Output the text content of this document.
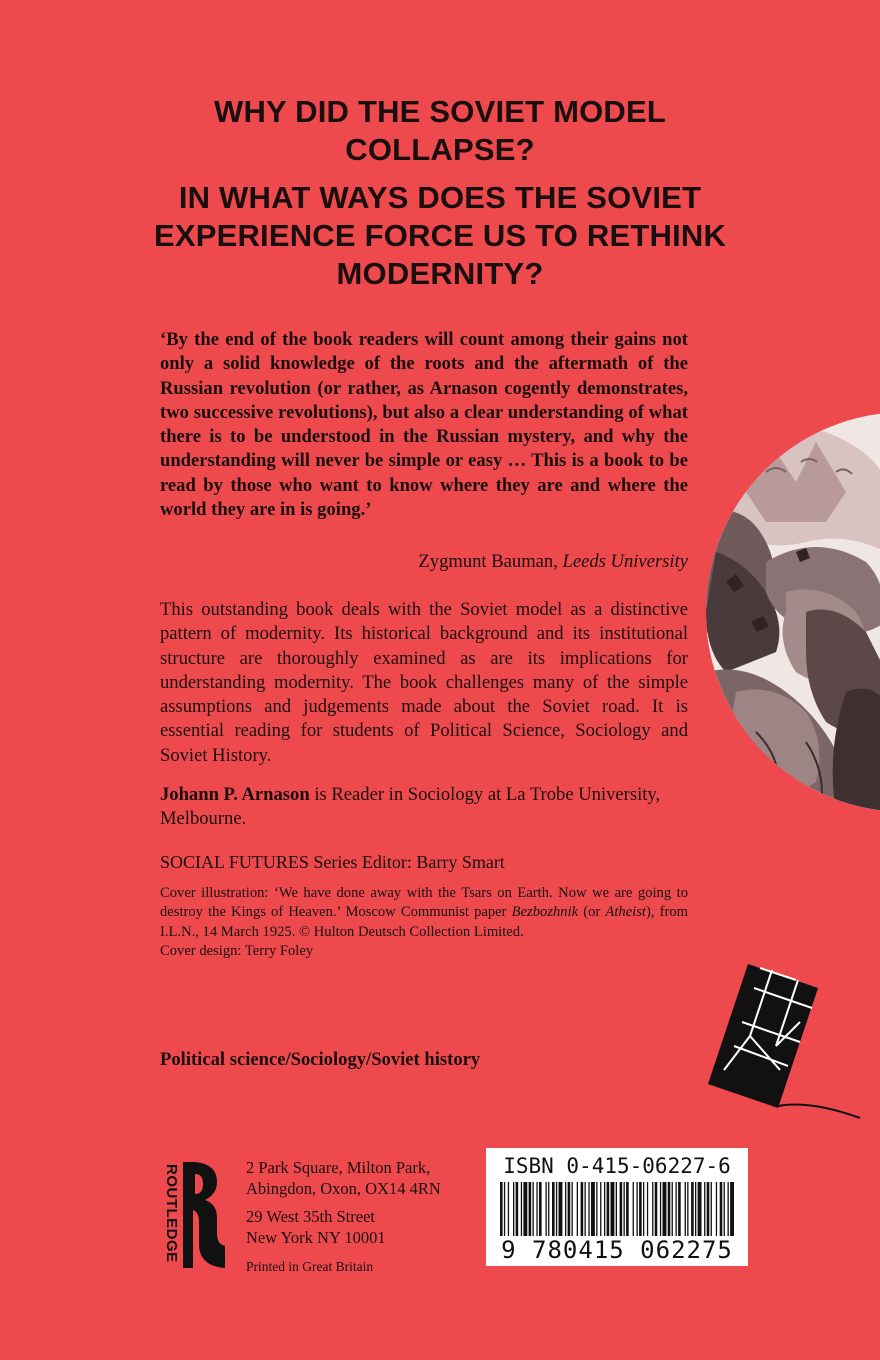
WHY DID THE SOVIET MODEL COLLAPSE?

IN WHAT WAYS DOES THE SOVIET EXPERIENCE FORCE US TO RETHINK MODERNITY?

‘By the end of the book readers will count among their gains not only a solid knowledge of the roots and the aftermath of the Russian revolution (or rather, as Arnason cogently demonstrates, two successive revolutions), but also a clear understanding of what there is to be understood in the Russian mystery, and why the understanding will never be simple or easy … This is a book to be read by those who want to know where they are and where the world they are in is going.’

Zygmunt Bauman, Leeds University

This outstanding book deals with the Soviet model as a distinctive pattern of modernity. Its historical background and its institutional structure are thoroughly examined as are its implications for understanding modernity. The book challenges many of the simple assumptions and judgements made about the Soviet road. It is essential reading for students of Political Science, Sociology and Soviet History.

Johann P. Arnason is Reader in Sociology at La Trobe University, Melbourne.

SOCIAL FUTURES Series Editor: Barry Smart

Cover illustration: ‘We have done away with the Tsars on Earth. Now we are going to destroy the Kings of Heaven.’ Moscow Communist paper Bezbozhnik (or Atheist), from I.L.N., 14 March 1925. © Hulton Deutsch Collection Limited.
Cover design: Terry Foley

Political science/Sociology/Soviet history
ROUTLEDGE	2 Park Square, Milton Park,
Abingdon, Oxon, OX14 4RN
29 West 35th Street
New York NY 10001
Printed in Great Britain
ISBN 0-415-06227-6
9 780415 062275
